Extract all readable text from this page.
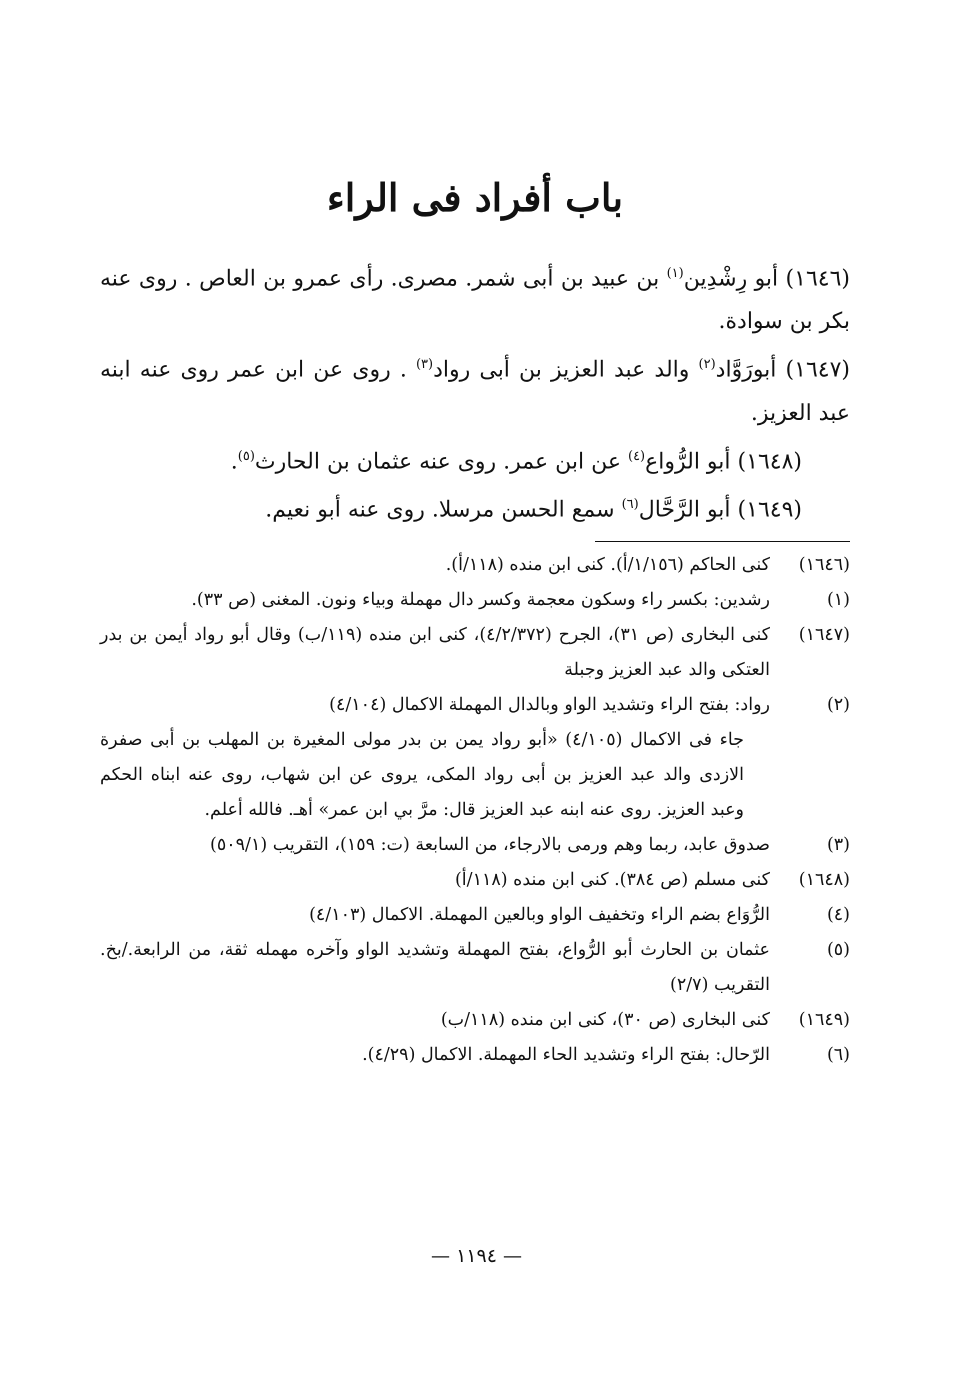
باب أفراد فى الراء
(١٦٤٦) أبو رِشْدِين$^{(١)}$ بن عبيد بن أبى شمر. مصرى. رأى عمرو بن العاص . روى عنه بكر بن سوادة.
(١٦٤٧) أبورَوَّاد$^{(٢)}$ والد عبد العزيز بن أبى رواد$^{(٣)}$ . روى عن ابن عمر روى عنه ابنه عبد العزيز.
(١٦٤٨) أبو الرُّواع$^{(٤)}$ عن ابن عمر. روى عنه عثمان بن الحارث$^{(٥)}$.
(١٦٤٩) أبو الرَّحَّال$^{(٦)}$ سمع الحسن مرسلا. روى عنه أبو نعيم.
(١٦٤٦)
كنى الحاكم (١/١٥٦/أ). كنى ابن منده (١١٨/أ).
(١)
رشدين: بكسر راء وسكون معجمة وكسر دال مهملة وبياء ونون. المغنى (ص ٣٣).
(١٦٤٧)
كنى البخارى (ص ٣١)، الجرح (٤/٢/٣٧٢)، كنى ابن منده (١١٩/ب) وقال أبو رواد أيمن بن بدر العتكى والد عبد العزيز وجبلة
(٢)
رواد: بفتح الراء وتشديد الواو وبالدال المهملة الاكمال (٤/١٠٤)
جاء فى الاكمال (٤/١٠٥) «أبو رواد يمن بن بدر مولى المغيرة بن المهلب بن أبى صفرة الازدى والد عبد العزيز بن أبى رواد المكى، يروى عن ابن شهاب، روى عنه ابناه الحكم وعبد العزيز. روى عنه ابنه عبد العزيز قال: مرَّ بي ابن عمر» أهـ. فالله أعلم.
(٣)
صدوق عابد، ربما وهم ورمى بالارجاء، من السابعة (ت: ١٥٩)، التقريب (٥٠٩/١)
(١٦٤٨)
كنى مسلم (ص ٣٨٤). كنى ابن منده (١١٨/أ)
(٤)
الرُّوَاع بضم الراء وتخفيف الواو وبالعين المهملة. الاكمال (٤/١٠٣)
(٥)
عثمان بن الحارث أبو الرُّواع، بفتح المهملة وتشديد الواو وآخره مهمله ثقة، من الرابعة./بخ. التقريب (٢/٧)
(١٦٤٩)
كنى البخارى (ص ٣٠)، كنى ابن منده (١١٨/ب)
(٦)
الرّحال: بفتح الراء وتشديد الحاء المهملة. الاكمال (٤/٢٩).
— ١١٩٤ —
